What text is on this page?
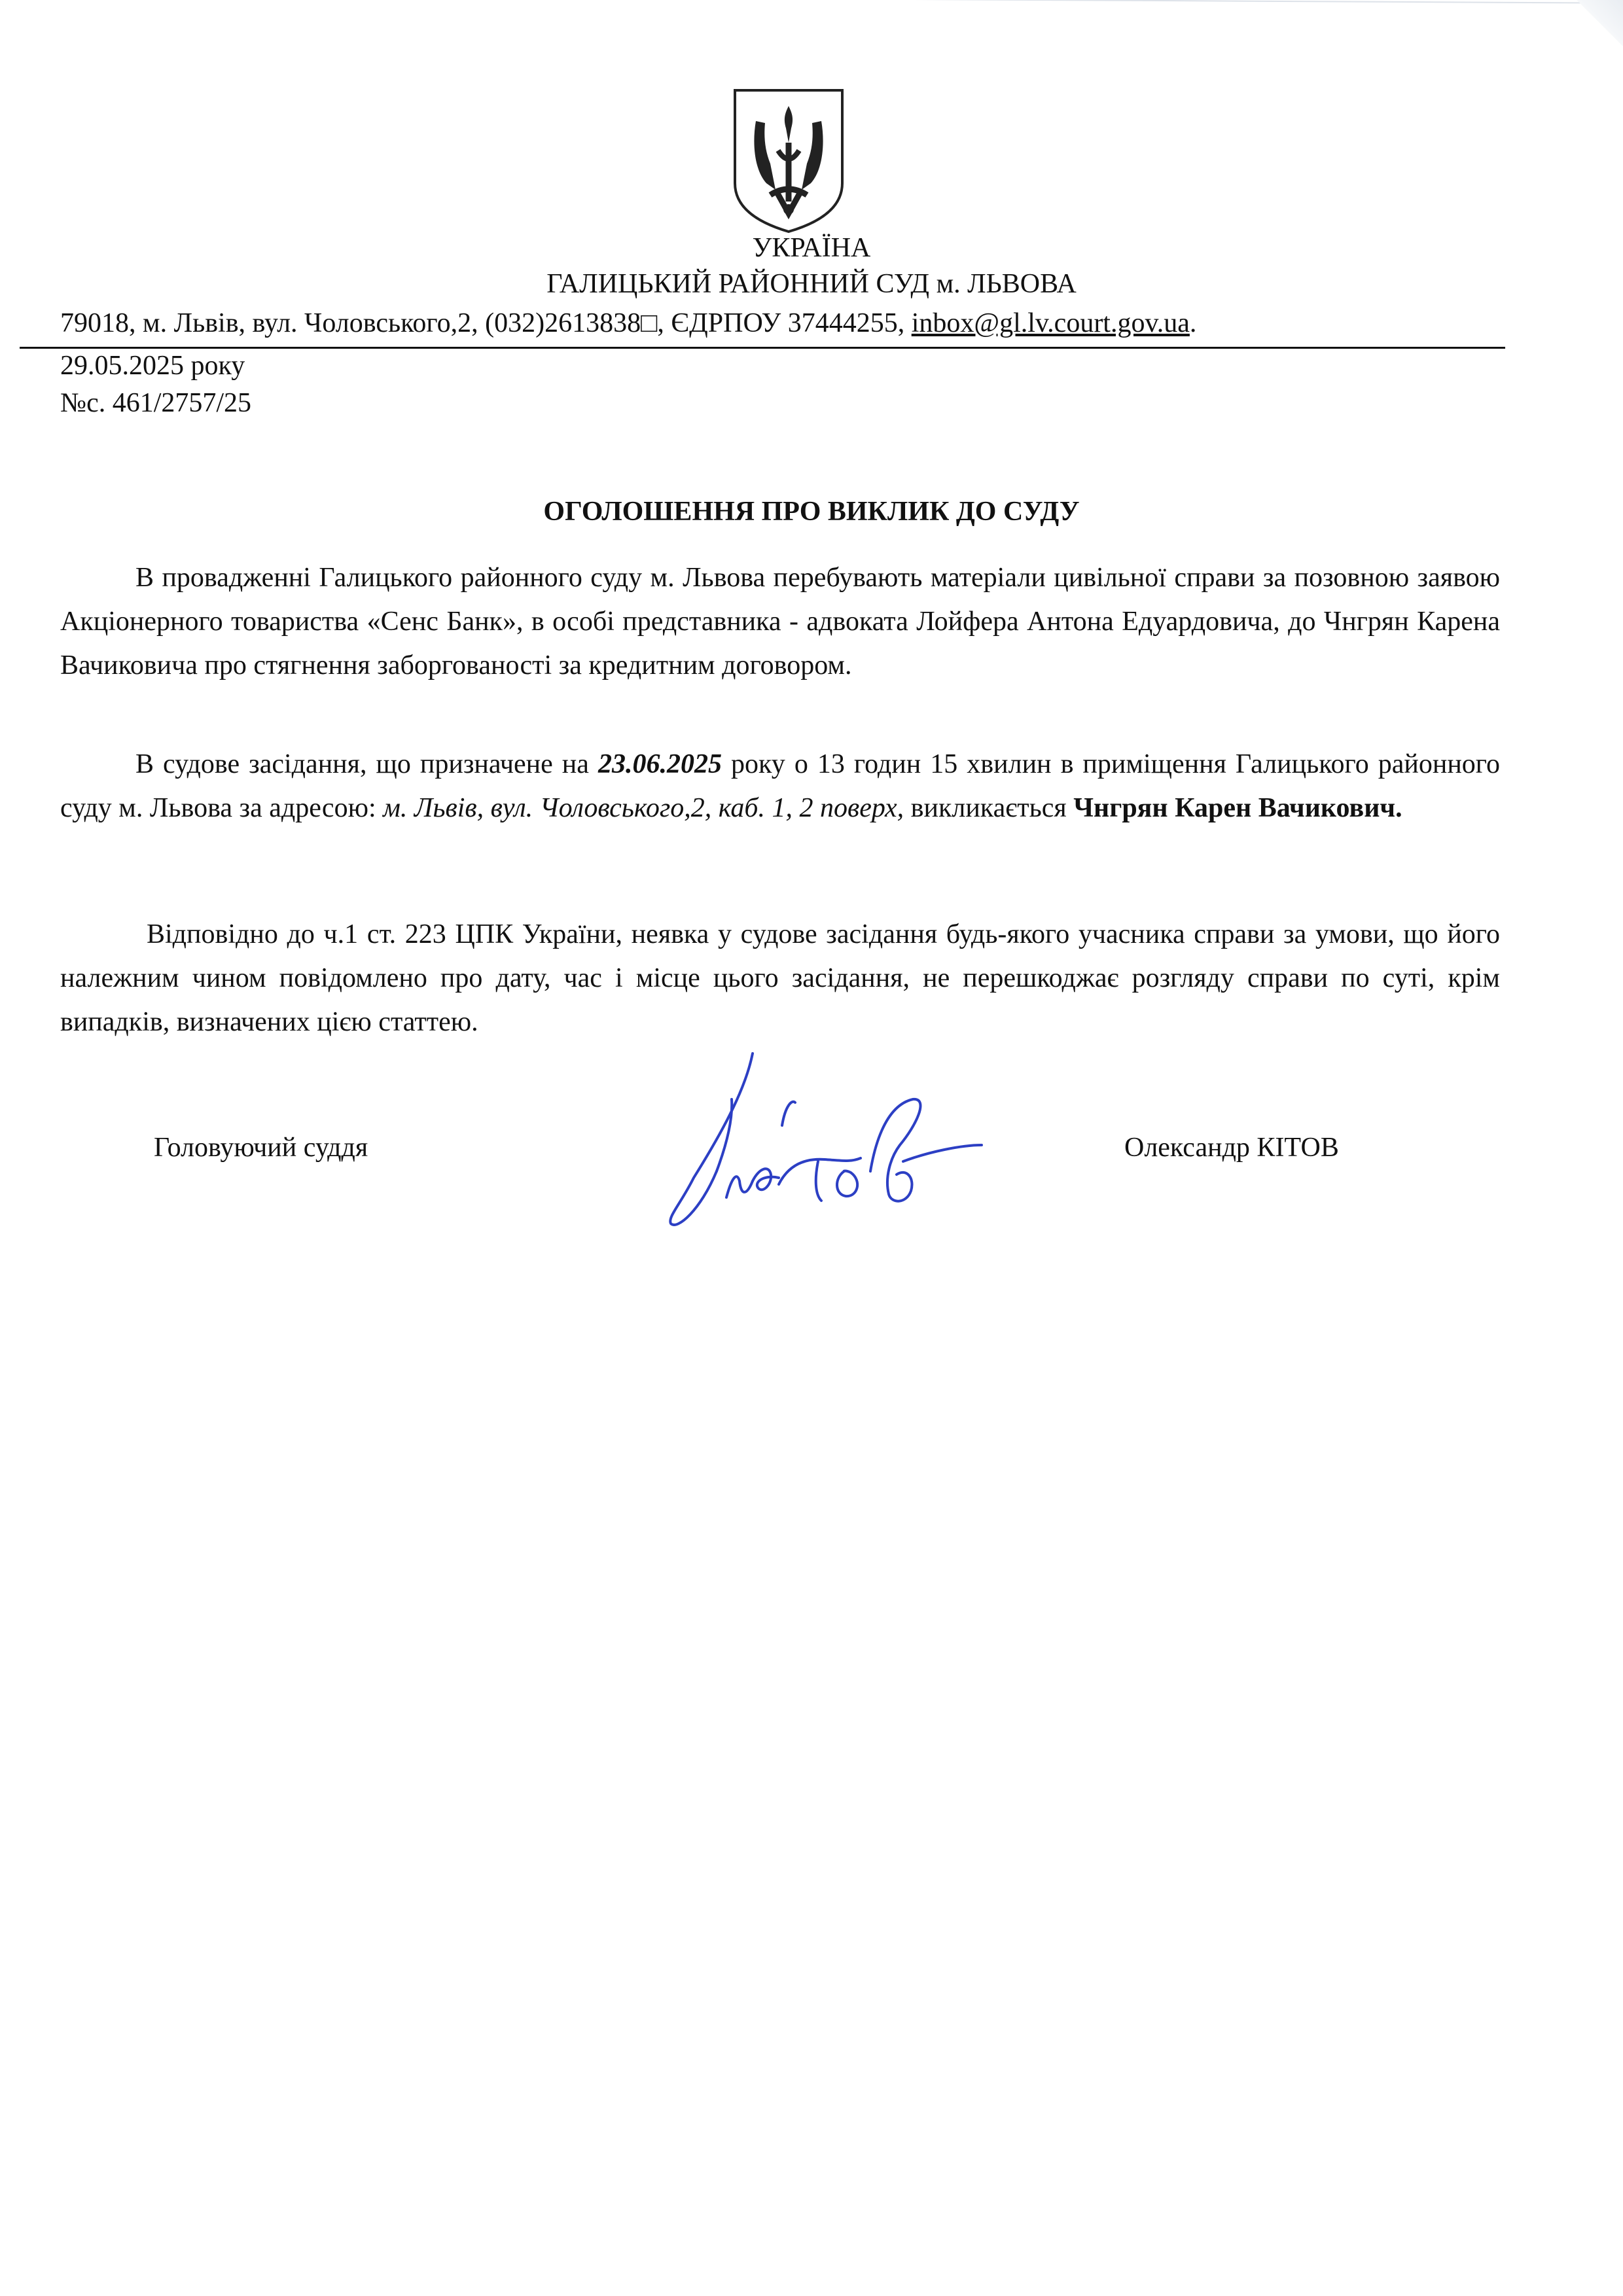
УКРАЇНА
ГАЛИЦЬКИЙ РАЙОННИЙ СУД м. ЛЬВОВА
79018, м. Львів, вул. Чоловського,2, (032)2613838□, ЄДРПОУ 37444255, inbox@gl.lv.court.gov.ua.
29.05.2025 року
№с. 461/2757/25
ОГОЛОШЕННЯ ПРО ВИКЛИК ДО СУДУ
В провадженні Галицького районного суду м. Львова перебувають матеріали цивільної справи за позовною заявою Акціонерного товариства «Сенс Банк», в особі представника - адвоката Лойфера Антона Едуардовича, до Чнгрян Карена Вачиковича про стягнення заборгованості за кредитним договором.
В судове засідання, що призначене на 23.06.2025 року о 13 годин 15 хвилин в приміщення Галицького районного суду м. Львова за адресою: м. Львів, вул. Чоловського,2, каб. 1, 2 поверх, викликається Чнгрян Карен Вачикович.
Відповідно до ч.1 ст. 223 ЦПК України, неявка у судове засідання будь-якого учасника справи за умови, що його належним чином повідомлено про дату, час і місце цього засідання, не перешкоджає розгляду справи по суті, крім випадків, визначених цією статтею.
Головуючий суддя	Олександр КІТОВ
